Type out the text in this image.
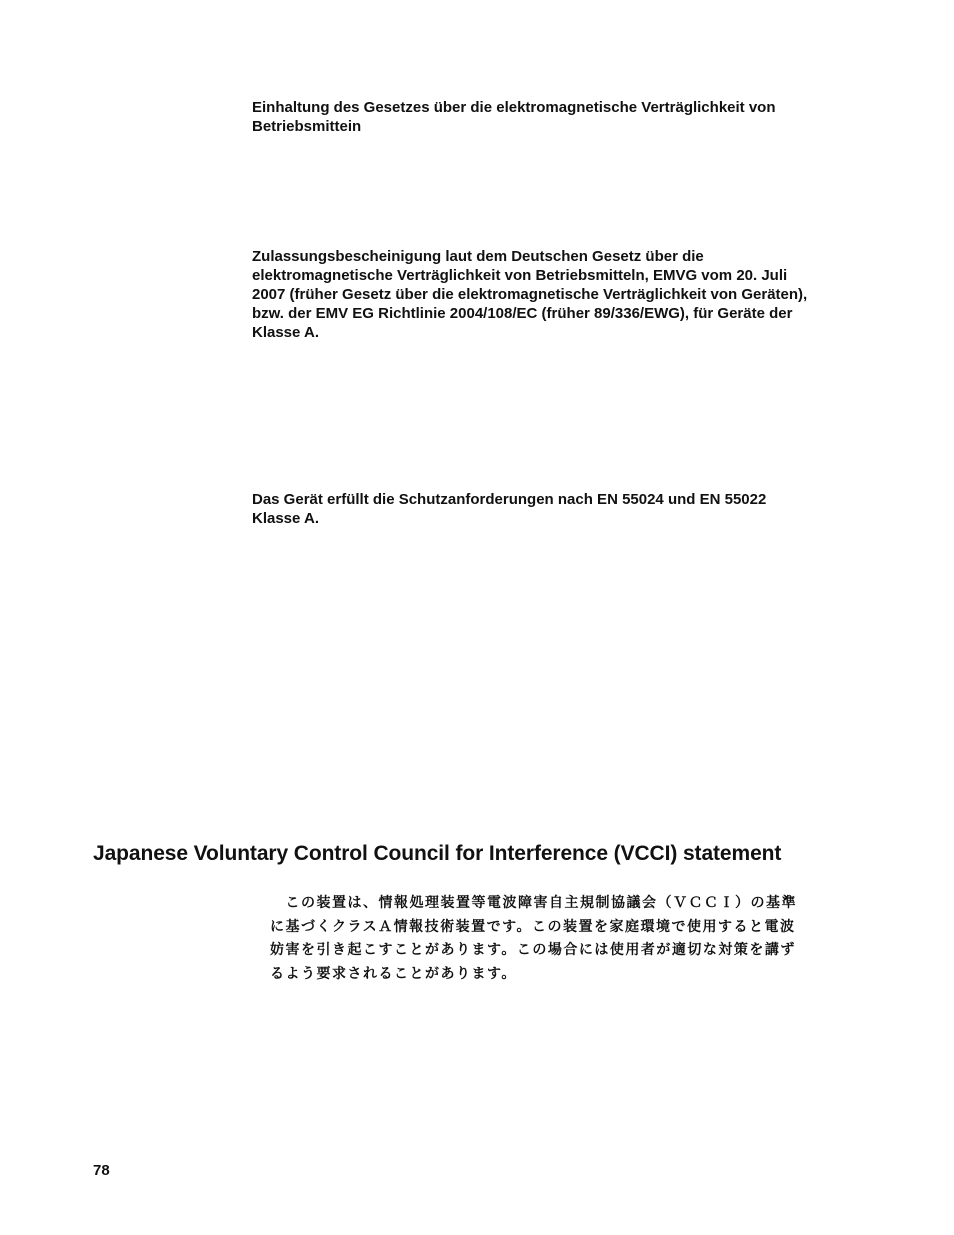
Einhaltung des Gesetzes über die elektromagnetische Verträglichkeit von
Betriebsmittein
Zulassungsbescheinigung laut dem Deutschen Gesetz über die
elektromagnetische Verträglichkeit von Betriebsmitteln, EMVG vom 20. Juli
2007 (früher Gesetz über die elektromagnetische Verträglichkeit von Geräten),
bzw. der EMV EG Richtlinie 2004/108/EC (früher 89/336/EWG), für Geräte der
Klasse A.
Das Gerät erfüllt die Schutzanforderungen nach EN 55024 und EN 55022
Klasse A.
Japanese Voluntary Control Council for Interference (VCCI) statement
　この装置は、情報処理装置等電波障害自主規制協議会（ＶＣＣＩ）の基準
に基づくクラスＡ情報技術装置です。この装置を家庭環境で使用すると電波
妨害を引き起こすことがあります。この場合には使用者が適切な対策を講ず
るよう要求されることがあります。
78
